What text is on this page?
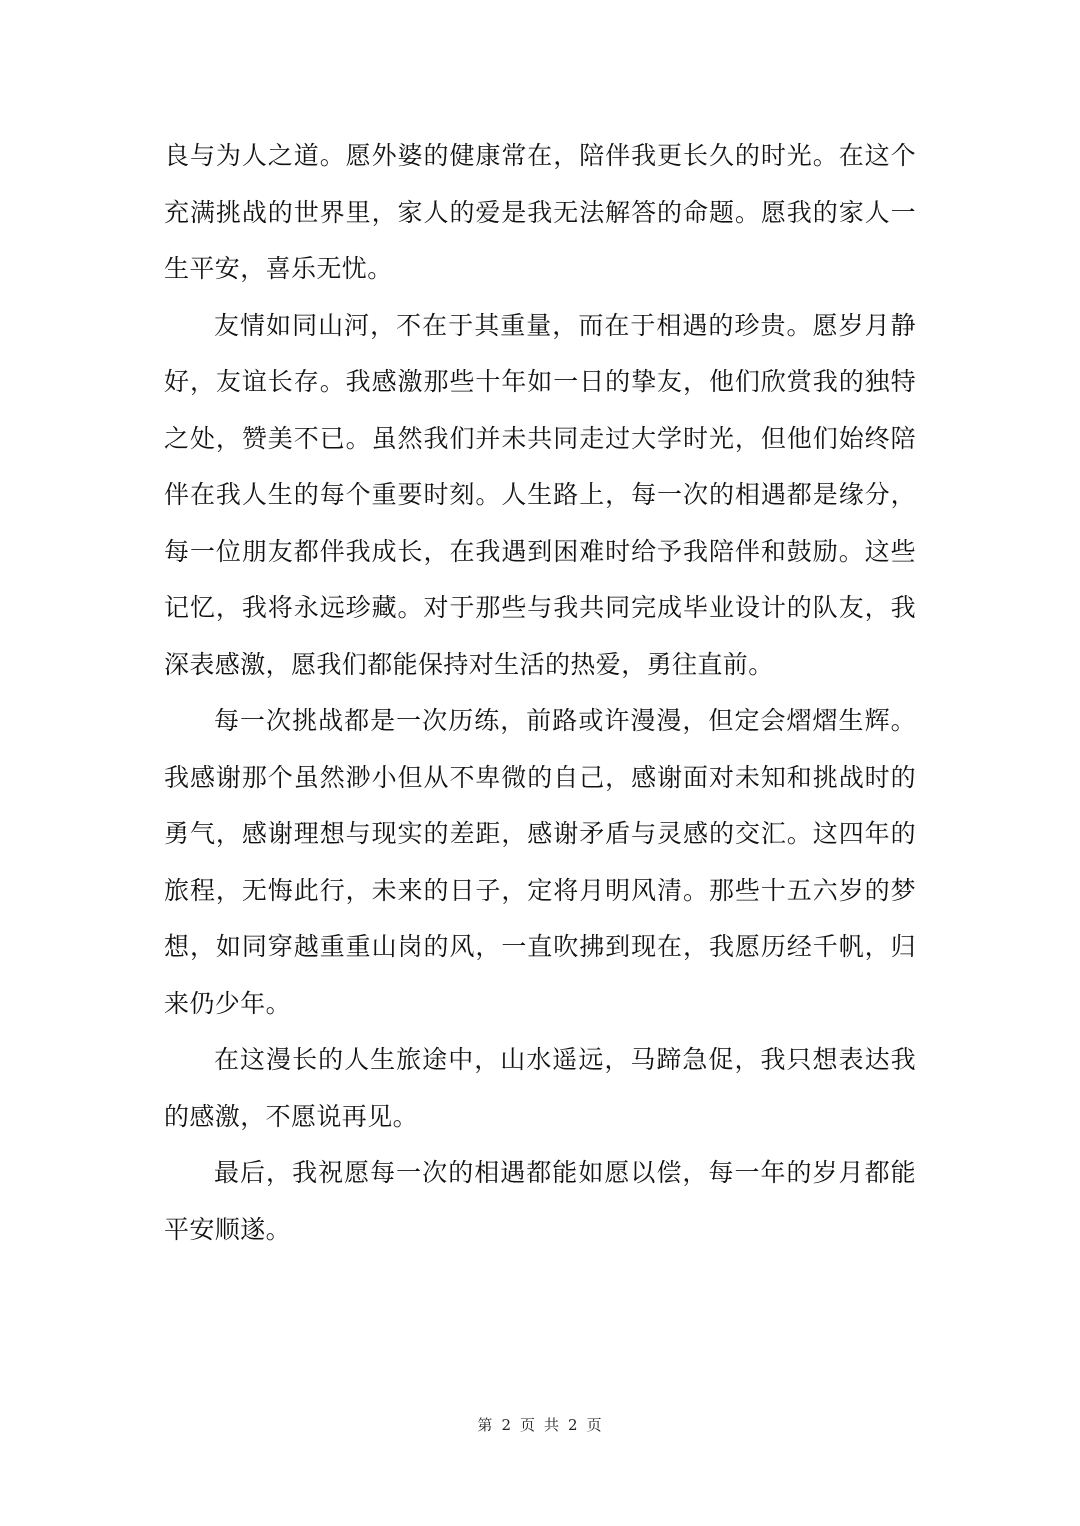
良与为人之道。愿外婆的健康常在，陪伴我更长久的时光。在这个充满挑战的世界里，家人的爱是我无法解答的命题。愿我的家人一生平安，喜乐无忧。

友情如同山河，不在于其重量，而在于相遇的珍贵。愿岁月静好，友谊长存。我感激那些十年如一日的挚友，他们欣赏我的独特之处，赞美不已。虽然我们并未共同走过大学时光，但他们始终陪伴在我人生的每个重要时刻。人生路上，每一次的相遇都是缘分，每一位朋友都伴我成长，在我遇到困难时给予我陪伴和鼓励。这些记忆，我将永远珍藏。对于那些与我共同完成毕业设计的队友，我深表感激，愿我们都能保持对生活的热爱，勇往直前。

每一次挑战都是一次历练，前路或许漫漫，但定会熠熠生辉。我感谢那个虽然渺小但从不卑微的自己，感谢面对未知和挑战时的勇气，感谢理想与现实的差距，感谢矛盾与灵感的交汇。这四年的旅程，无悔此行，未来的日子，定将月明风清。那些十五六岁的梦想，如同穿越重重山岗的风，一直吹拂到现在，我愿历经千帆，归来仍少年。

在这漫长的人生旅途中，山水遥远，马蹄急促，我只想表达我的感激，不愿说再见。

最后，我祝愿每一次的相遇都能如愿以偿，每一年的岁月都能平安顺遂。

第 2 页 共 2 页
